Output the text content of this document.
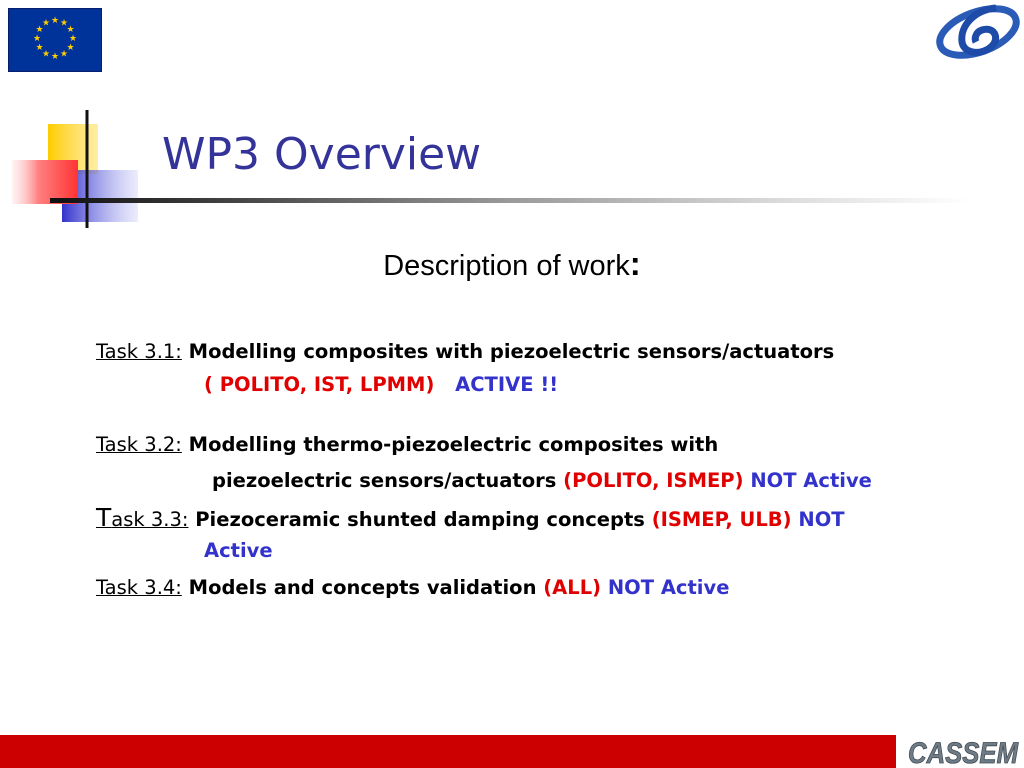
★ ★
★
★
★
★
★
★
★
★
★
★
WP3 Overview
Description of work:
Task 3.1: Modelling composites with piezoelectric sensors/actuators
( POLITO, IST, LPMM) ACTIVE !!
Task 3.2: Modelling thermo-piezoelectric composites with
piezoelectric sensors/actuators (POLITO, ISMEP) NOT Active
Task 3.3: Piezoceramic shunted damping concepts (ISMEP, ULB) NOT
Active
Task 3.4: Models and concepts validation (ALL) NOT Active
CASSEM
